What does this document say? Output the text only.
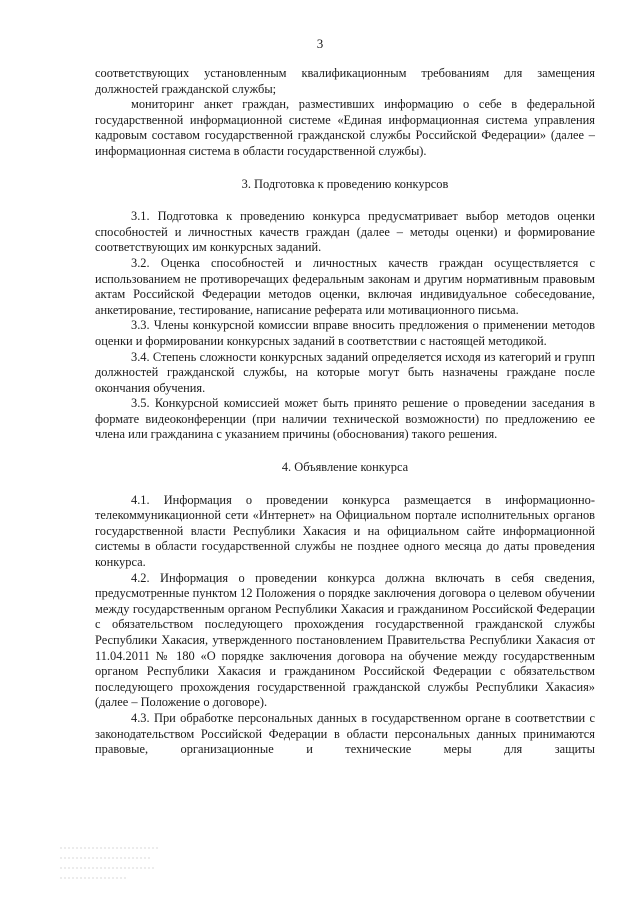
3

соответствующих установленным квалификационным требованиям для замещения должностей гражданской службы;

мониторинг анкет граждан, разместивших информацию о себе в федеральной государственной информационной системе «Единая информационная система управления кадровым составом государственной гражданской службы Российской Федерации» (далее – информационная система в области государственной службы).

3. Подготовка к проведению конкурсов

3.1. Подготовка к проведению конкурса предусматривает выбор методов оценки способностей и личностных качеств граждан (далее – методы оценки) и формирование соответствующих им конкурсных заданий.

3.2. Оценка способностей и личностных качеств граждан осуществляется с использованием не противоречащих федеральным законам и другим нормативным правовым актам Российской Федерации методов оценки, включая индивидуальное собеседование, анкетирование, тестирование, написание реферата или мотивационного письма.

3.3. Члены конкурсной комиссии вправе вносить предложения о применении методов оценки и формировании конкурсных заданий в соответствии с настоящей методикой.

3.4. Степень сложности конкурсных заданий определяется исходя из категорий и групп должностей гражданской службы, на которые могут быть назначены граждане после окончания обучения.

3.5. Конкурсной комиссией может быть принято решение о проведении заседания в формате видеоконференции (при наличии технической возможности) по предложению ее члена или гражданина с указанием причины (обоснования) такого решения.

4. Объявление конкурса

4.1. Информация о проведении конкурса размещается в информационно-телекоммуникационной сети «Интернет» на Официальном портале исполнительных органов государственной власти Республики Хакасия и на официальном сайте информационной системы в области государственной службы не позднее одного месяца до даты проведения конкурса.

4.2. Информация о проведении конкурса должна включать в себя сведения, предусмотренные пунктом 12 Положения о порядке заключения договора о целевом обучении между государственным органом Республики Хакасия и гражданином Российской Федерации с обязательством последующего прохождения государственной гражданской службы Республики Хакасия, утвержденного постановлением Правительства Республики Хакасия от 11.04.2011 № 180 «О порядке заключения договора на обучение между государственным органом Республики Хакасия и гражданином Российской Федерации с обязательством последующего прохождения государственной гражданской службы Республики Хакасия» (далее – Положение о договоре).

4.3. При обработке персональных данных в государственном органе в соответствии с законодательством Российской Федерации в области персональных данных принимаются правовые, организационные и технические меры для защиты
